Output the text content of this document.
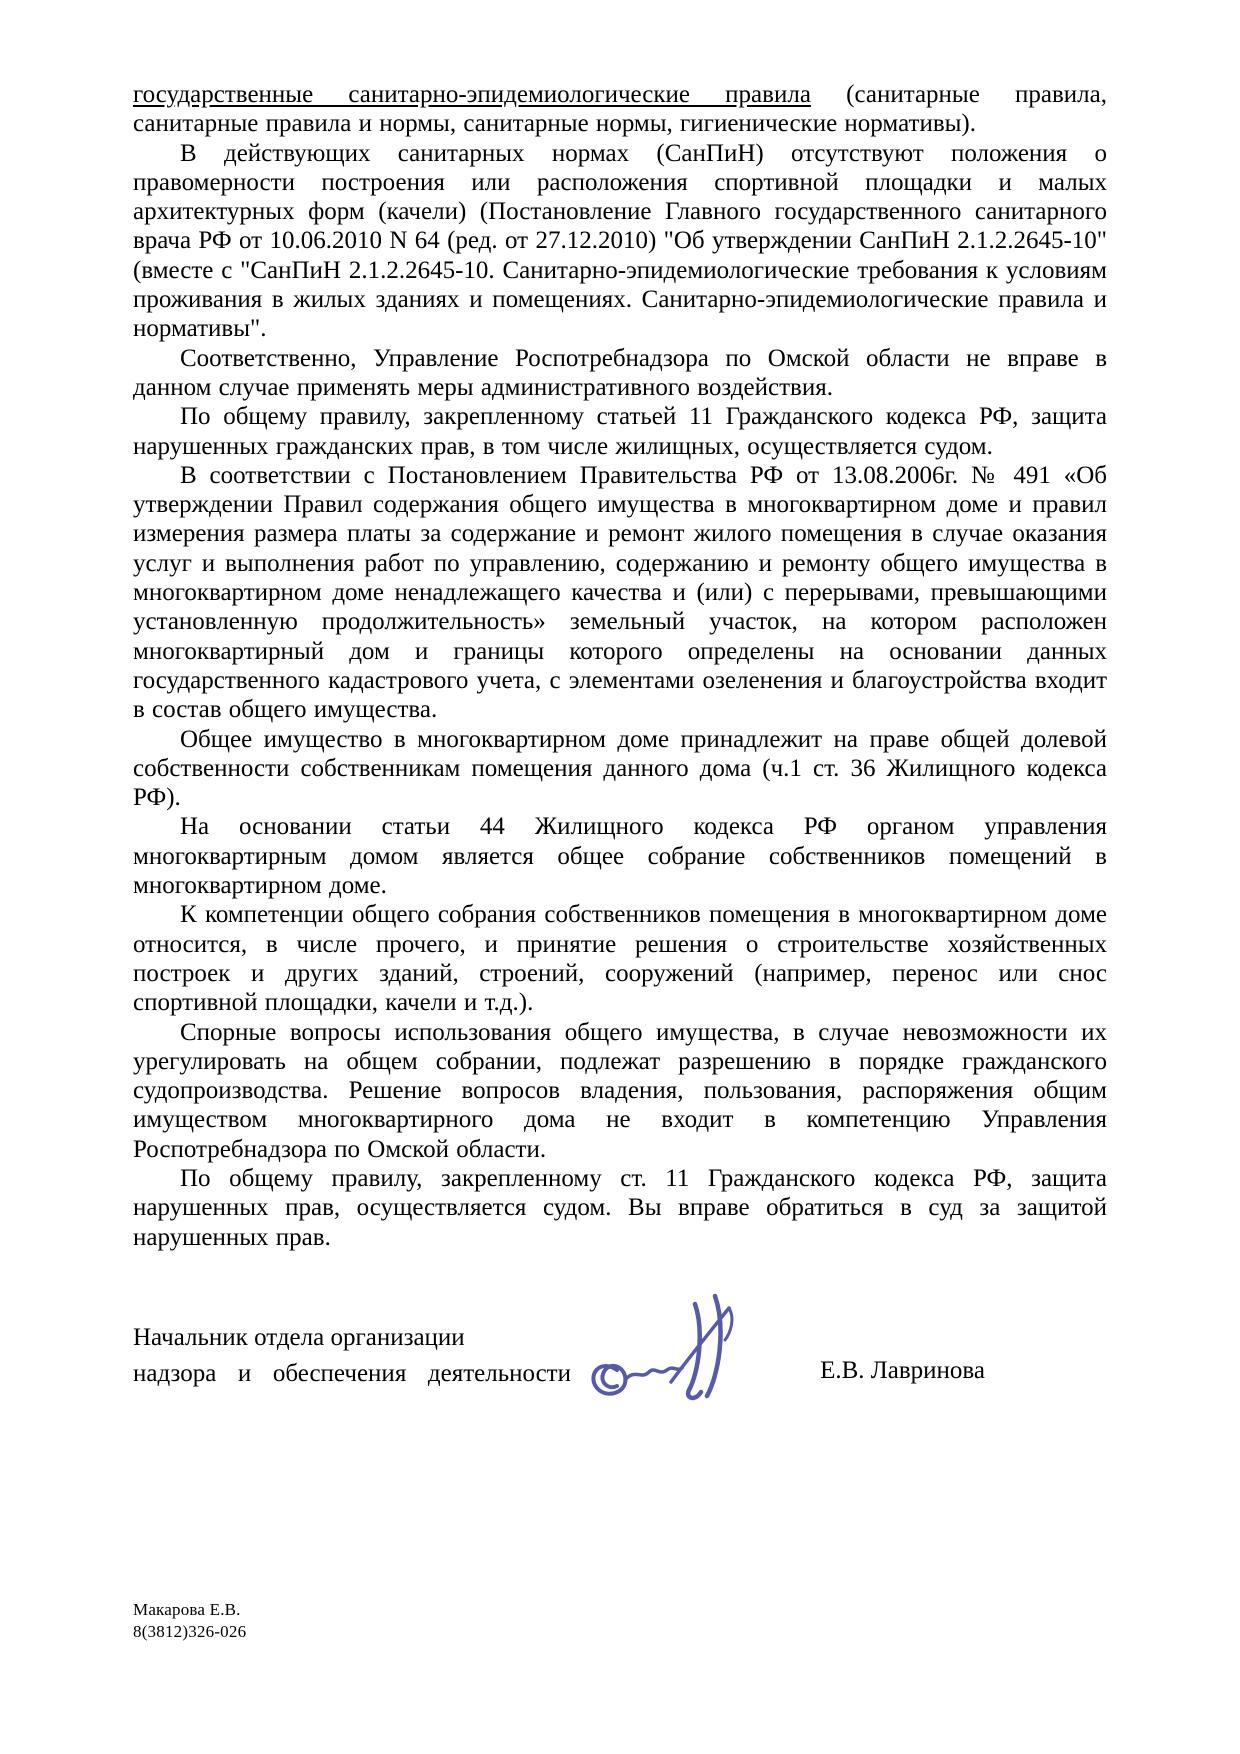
государственные санитарно-эпидемиологические правила (санитарные правила, санитарные правила и нормы, санитарные нормы, гигиенические нормативы).

В действующих санитарных нормах (СанПиН) отсутствуют положения о правомерности построения или расположения спортивной площадки и малых архитектурных форм (качели) (Постановление Главного государственного санитарного врача РФ от 10.06.2010 N 64 (ред. от 27.12.2010) "Об утверждении СанПиН 2.1.2.2645-10"(вместе с "СанПиН 2.1.2.2645-10. Санитарно-эпидемиологические требования к условиям проживания в жилых зданиях и помещениях. Санитарно-эпидемиологические правила и нормативы".

Соответственно, Управление Роспотребнадзора по Омской области не вправе в данном случае применять меры административного воздействия.

По общему правилу, закрепленному статьей 11 Гражданского кодекса РФ, защита нарушенных гражданских прав, в том числе жилищных, осуществляется судом.

В соответствии с Постановлением Правительства РФ от 13.08.2006г. № 491 «Об утверждении Правил содержания общего имущества в многоквартирном доме и правил измерения размера платы за содержание и ремонт жилого помещения в случае оказания услуг и выполнения работ по управлению, содержанию и ремонту общего имущества в многоквартирном доме ненадлежащего качества и (или) с перерывами, превышающими установленную продолжительность» земельный участок, на котором расположен многоквартирный дом и границы которого определены на основании данных государственного кадастрового учета, с элементами озеленения и благоустройства входит в состав общего имущества.

Общее имущество в многоквартирном доме принадлежит на праве общей долевой собственности собственникам помещения данного дома (ч.1 ст. 36 Жилищного кодекса РФ).

На основании статьи 44 Жилищного кодекса РФ органом управления многоквартирным домом является общее собрание собственников помещений в многоквартирном доме.

К компетенции общего собрания собственников помещения в многоквартирном доме относится, в числе прочего, и принятие решения о строительстве хозяйственных построек и других зданий, строений, сооружений (например, перенос или снос спортивной площадки, качели и т.д.).

Спорные вопросы использования общего имущества, в случае невозможности их урегулировать на общем собрании, подлежат разрешению в порядке гражданского судопроизводства. Решение вопросов владения, пользования, распоряжения общим имуществом многоквартирного дома не входит в компетенцию Управления Роспотребнадзора по Омской области.

По общему правилу, закрепленному ст. 11 Гражданского кодекса РФ, защита нарушенных прав, осуществляется судом. Вы вправе обратиться в суд за защитой нарушенных прав.

Начальник отдела организации
надзора и обеспечения деятельности	Е.В. Лавринова
Макарова Е.В.
8(3812)326-026
